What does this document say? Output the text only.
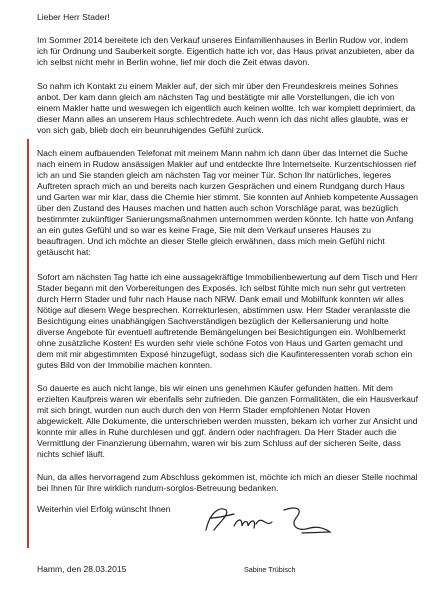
Lieber Herr Stader!

Im Sommer 2014 bereitete ich den Verkauf unseres Einfamilienhauses in Berlin Rudow vor, indem ich für Ordnung und Sauberkeit sorgte. Eigentlich hatte ich vor, das Haus privat anzubieten, aber da ich selbst nicht mehr in Berlin wohne, lief mir doch die Zeit etwas davon.

So nahm ich Kontakt zu einem Makler auf, der sich mir über den Freundeskreis meines Sohnes anbot. Der kam dann gleich am nächsten Tag und bestätigte mir alle Vorstellungen, die ich von einem Makler hatte und weswegen ich eigentlich auch keinen wollte. Ich war komplett deprimiert, da dieser Mann alles an unserem Haus schlechtredete. Auch wenn ich das nicht alles glaubte, was er von sich gab, blieb doch ein beunruhigendes Gefühl zurück.

Nach einem aufbauenden Telefonat mit meinem Mann nahm ich dann über das Internet die Suche nach einem in Rudow ansässigen Makler auf und entdeckte Ihre Internetseite. Kurzentschlossen rief ich an und Sie standen gleich am nächsten Tag vor meiner Tür. Schon Ihr natürliches, legeres Auftreten sprach mich an und bereits nach kurzen Gesprächen und einem Rundgang durch Haus und Garten war mir klar, dass die Chemie hier stimmt. Sie konnten auf Anhieb kompetente Aussagen über den Zustand des Hauses machen und hatten auch schon Vorschläge parat, was bezüglich bestimmter zukünftiger Sanierungsmaßnahmen unternommen werden könnte. Ich hatte von Anfang an ein gutes Gefühl und so war es keine Frage, Sie mit dem Verkauf unseres Hauses zu beauftragen. Und ich möchte an dieser Stelle gleich erwähnen, dass mich mein Gefühl nicht getäuscht hat:

Sofort am nächsten Tag hatte ich eine aussagekräftige Immobilienbewertung auf dem Tisch und Herr Stader begann mit den Vorbereitungen des Exposés. Ich selbst fühlte mich nun sehr gut vertreten durch Herrn Stader und fuhr nach Hause nach NRW. Dank email und Mobilfunk konnten wir alles Nötige auf diesem Wege besprechen. Korrekturlesen, abstimmen usw. Herr Stader veranlasste die Besichtigung eines unabhängigen Sachverständigen bezüglich der Kellersanierung und holte diverse Angebote für eventuell auftretende Bemängelungen bei Besichtigungen ein. Wohlbemerkt ohne zusätzliche Kosten! Es wurden sehr viele schöne Fotos von Haus und Garten gemacht und dem mit mir abgestimmten Exposé hinzugefügt, sodass sich die Kaufinteressenten vorab schon ein gutes Bild von der Immobilie machen konnten.

So dauerte es auch nicht lange, bis wir einen uns genehmen Käufer gefunden hatten. Mit dem erzielten Kaufpreis waren wir ebenfalls sehr zufrieden. Die ganzen Formalitäten, die ein Hausverkauf mit sich bringt, wurden nun auch durch den von Herrn Stader empfohlenen Notar Hoven abgewickelt. Alle Dokumente, die unterschrieben werden mussten, bekam ich vorher zur Ansicht und konnte mir alles in Ruhe durchlesen und ggf. ändern oder nachfragen. Da Herr Stader auch die Vermittlung der Finanzierung übernahm, waren wir bis zum Schluss auf der sicheren Seite, dass nichts schief läuft.

Nun, da alles hervorragend zum Abschluss gekommen ist, möchte ich mich an dieser Stelle nochmal bei Ihnen für Ihre wirklich rundum-sorglos-Betreuung bedanken.

Weiterhin viel Erfolg wünscht Ihnen

Hamm, den 28.03.2015	Sabine Trübisch
